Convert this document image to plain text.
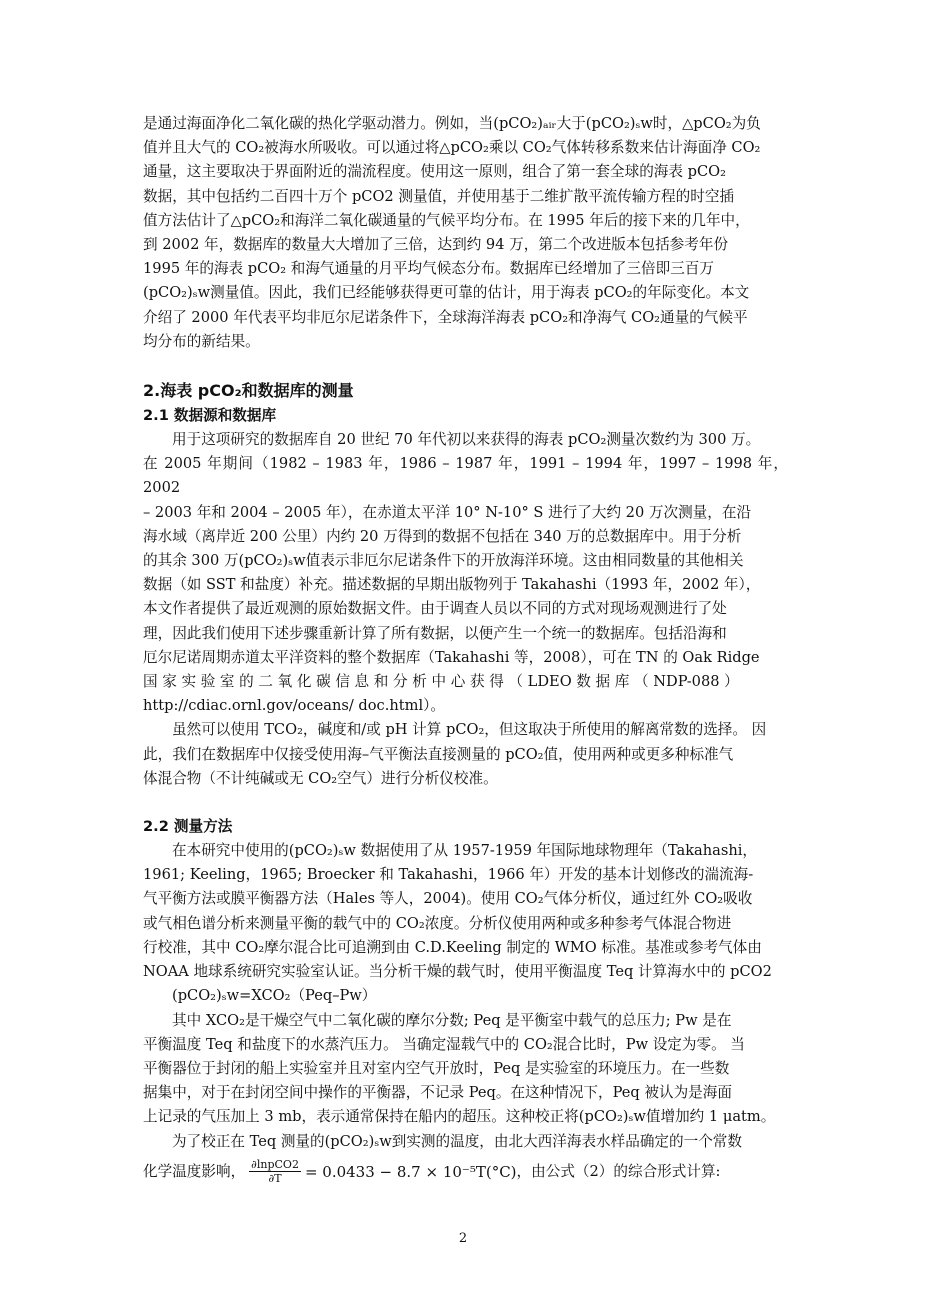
是通过海面净化二氧化碳的热化学驱动潜力。例如，当(pCO₂)ₐᵢᵣ大于(pCO₂)ₛw时，△pCO₂为负

值并且大气的 CO₂被海水所吸收。可以通过将△pCO₂乘以 CO₂气体转移系数来估计海面净 CO₂

通量，这主要取决于界面附近的湍流程度。使用这一原则，组合了第一套全球的海表 pCO₂

数据，其中包括约二百四十万个 pCO2 测量值，并使用基于二维扩散平流传输方程的时空插

值方法估计了△pCO₂和海洋二氧化碳通量的气候平均分布。在 1995 年后的接下来的几年中，

到 2002 年，数据库的数量大大增加了三倍，达到约 94 万，第二个改进版本包括参考年份

1995 年的海表 pCO₂ 和海气通量的月平均气候态分布。数据库已经增加了三倍即三百万

(pCO₂)ₛw测量值。因此，我们已经能够获得更可靠的估计，用于海表 pCO₂的年际变化。本文

介绍了 2000 年代表平均非厄尔尼诺条件下，全球海洋海表 pCO₂和净海气 CO₂通量的气候平

均分布的新结果。

2.海表 pCO₂和数据库的测量
2.1 数据源和数据库

用于这项研究的数据库自 20 世纪 70 年代初以来获得的海表 pCO₂测量次数约为 300 万。

在 2005 年期间（1982 – 1983 年，1986 – 1987 年，1991 – 1994 年，1997 – 1998 年，2002

– 2003 年和 2004 – 2005 年），在赤道太平洋 10° N-10° S 进行了大约 20 万次测量，在沿

海水域（离岸近 200 公里）内约 20 万得到的数据不包括在 340 万的总数据库中。用于分析

的其余 300 万(pCO₂)ₛw值表示非厄尔尼诺条件下的开放海洋环境。这由相同数量的其他相关

数据（如 SST 和盐度）补充。描述数据的早期出版物列于 Takahashi（1993 年，2002 年），

本文作者提供了最近观测的原始数据文件。由于调查人员以不同的方式对现场观测进行了处

理，因此我们使用下述步骤重新计算了所有数据，以便产生一个统一的数据库。包括沿海和

厄尔尼诺周期赤道太平洋资料的整个数据库（Takahashi 等，2008），可在 TN 的 Oak Ridge

国 家 实 验 室 的 二 氧 化 碳 信 息 和 分 析 中 心 获 得 （ LDEO 数 据 库 （ NDP-088 ）

http://cdiac.ornl.gov/oceans/ doc.html）。

虽然可以使用 TCO₂，碱度和/或 pH 计算 pCO₂，但这取决于所使用的解离常数的选择。 因

此，我们在数据库中仅接受使用海–气平衡法直接测量的 pCO₂值，使用两种或更多种标准气

体混合物（不计纯碱或无 CO₂空气）进行分析仪校准。

2.2 测量方法

在本研究中使用的(pCO₂)ₛw 数据使用了从 1957-1959 年国际地球物理年（Takahashi，

1961; Keeling，1965; Broecker 和 Takahashi，1966 年）开发的基本计划修改的湍流海-

气平衡方法或膜平衡器方法（Hales 等人，2004)。使用 CO₂气体分析仪，通过红外 CO₂吸收

或气相色谱分析来测量平衡的载气中的 CO₂浓度。分析仪使用两种或多种参考气体混合物进

行校准，其中 CO₂摩尔混合比可追溯到由 C.D.Keeling 制定的 WMO 标准。基准或参考气体由

NOAA 地球系统研究实验室认证。当分析干燥的载气时，使用平衡温度 Teq 计算海水中的 pCO2

(pCO₂)ₛw=XCO₂（Peq–Pw）

其中 XCO₂是干燥空气中二氧化碳的摩尔分数; Peq 是平衡室中载气的总压力; Pw 是在

平衡温度 Teq 和盐度下的水蒸汽压力。 当确定湿载气中的 CO₂混合比时，Pw 设定为零。 当

平衡器位于封闭的船上实验室并且对室内空气开放时，Peq 是实验室的环境压力。在一些数

据集中，对于在封闭空间中操作的平衡器，不记录 Peq。在这种情况下，Peq 被认为是海面

上记录的气压加上 3 mb，表示通常保持在船内的超压。这种校正将(pCO₂)ₛw值增加约 1 μatm。

为了校正在 Teq 测量的(pCO₂)ₛw到实测的温度，由北大西洋海表水样品确定的一个常数

化学温度影响， $\frac{\text{∂lnpCO2}}{\partial T} = 0.0433 - 8.7 \times 10^{-5}T(^\circ C)$ ，由公式（2）的综合形式计算:
2
